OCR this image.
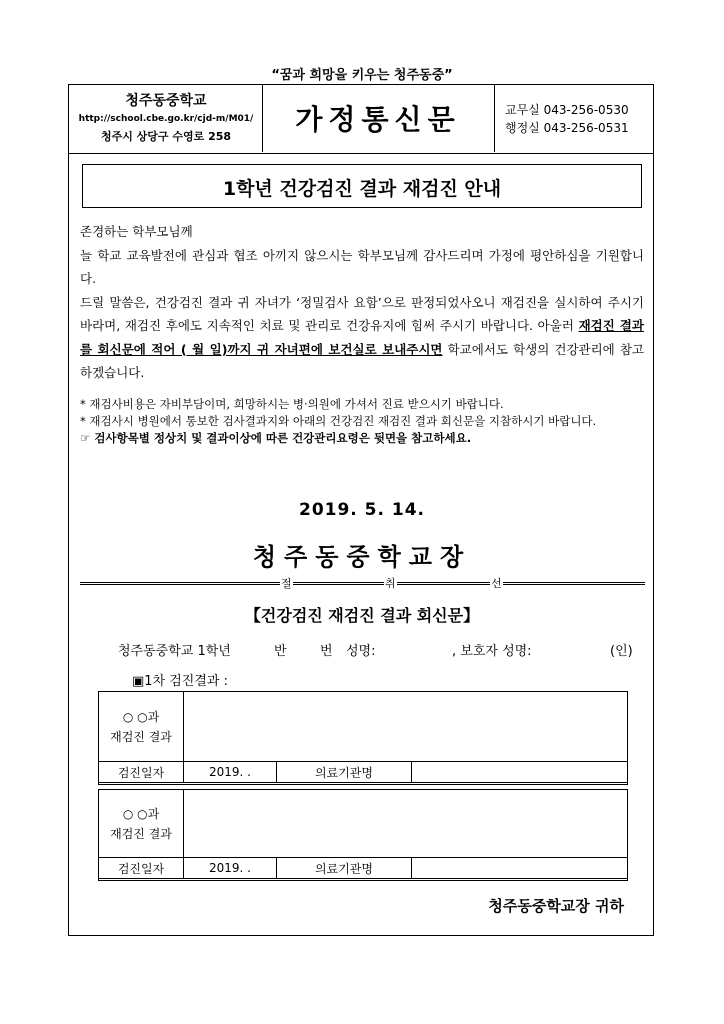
“꿈과 희망을 키우는 청주동중”
청주동중학교
http://school.cbe.go.kr/cjd-m/M01/
청주시 상당구 수영로 258
가정통신문	교무실 043-256-0530
행정실 043-256-0531
1학년 건강검진 결과 재검진 안내

존경하는 학부모님께

늘 학교 교육발전에 관심과 협조 아끼지 않으시는 학부모님께 감사드리며 가정에 평안하심을 기원합니다.

드릴 말씀은, 건강검진 결과 귀 자녀가 ‘정밀검사 요함’으로 판정되었사오니 재검진을 실시하여 주시기 바라며, 재검진 후에도 지속적인 치료 및 관리로 건강유지에 힘써 주시기 바랍니다. 아울러 재검진 결과를 회신문에 적어 ( 월 일)까지 귀 자녀편에 보건실로 보내주시면 학교에서도 학생의 건강관리에 참고 하겠습니다.

* 재검사비용은 자비부담이며, 희망하시는 병‧의원에 가셔서 진료 받으시기 바랍니다.

* 재검사시 병원에서 통보한 검사결과지와 아래의 건강검진 재검진 결과 회신문을 지참하시기 바랍니다.

☞ 검사항목별 정상치 및 결과이상에 따른 건강관리요령은 뒷면을 참고하세요.

2019. 5. 14.
청주동중학교장
절	취	선
【건강검진 재검진 결과 회신문】
청주동중학교 1학년	반	번 성명:	, 보호자 성명:	(인)
▣1차 검진결과 :
○ ○과
재검진 결과			

검진일자	2019. .	의료기관명	
○ ○과
재검진 결과			

검진일자	2019. .	의료기관명	
청주동중학교장 귀하
